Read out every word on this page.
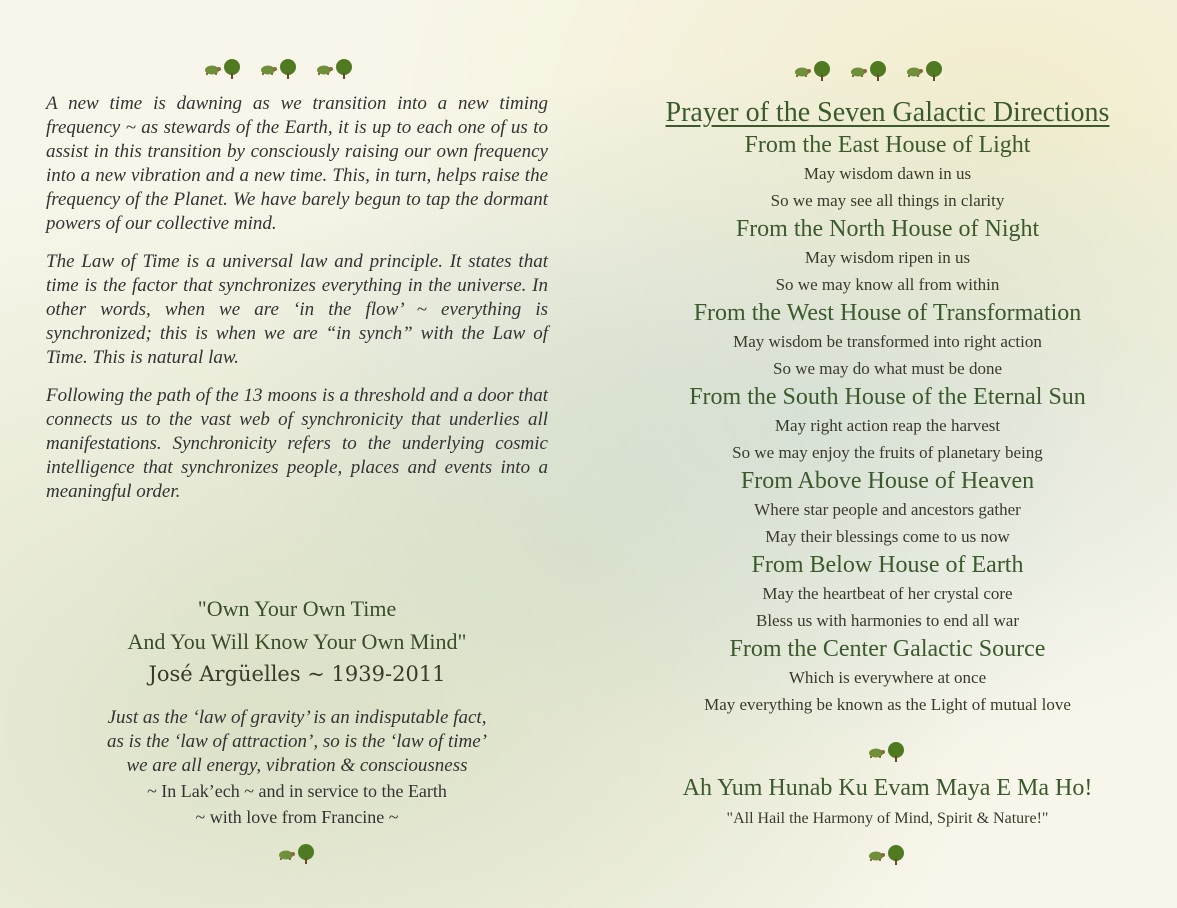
A new time is dawning as we transition into a new timing frequency ~ as stewards of the Earth, it is up to each one of us to assist in this transition by consciously raising our own frequency into a new vibration and a new time. This, in turn, helps raise the frequency of the Planet. We have barely begun to tap the dormant powers of our collective mind.

The Law of Time is a universal law and principle. It states that time is the factor that synchronizes everything in the universe. In other words, when we are ‘in the flow’ ~ everything is synchronized; this is when we are “in synch” with the Law of Time. This is natural law.

Following the path of the 13 moons is a threshold and a door that connects us to the vast web of synchronicity that underlies all manifestations. Synchronicity refers to the underlying cosmic intelligence that synchronizes people, places and events into a meaningful order.

"Own Your Own Time
And You Will Know Your Own Mind"
José Argüelles ~ 1939-2011
Just as the ‘law of gravity’ is an indisputable fact,
as is the ‘law of attraction’, so is the ‘law of time’
we are all energy, vibration & consciousness
~ In Lak’ech ~ and in service to the Earth
~ with love from Francine ~
Prayer of the Seven Galactic Directions
From the East House of Light
May wisdom dawn in us
So we may see all things in clarity
From the North House of Night
May wisdom ripen in us
So we may know all from within
From the West House of Transformation
May wisdom be transformed into right action
So we may do what must be done
From the South House of the Eternal Sun
May right action reap the harvest
So we may enjoy the fruits of planetary being
From Above House of Heaven
Where star people and ancestors gather
May their blessings come to us now
From Below House of Earth
May the heartbeat of her crystal core
Bless us with harmonies to end all war
From the Center Galactic Source
Which is everywhere at once
May everything be known as the Light of mutual love
Ah Yum Hunab Ku Evam Maya E Ma Ho!
"All Hail the Harmony of Mind, Spirit & Nature!"
